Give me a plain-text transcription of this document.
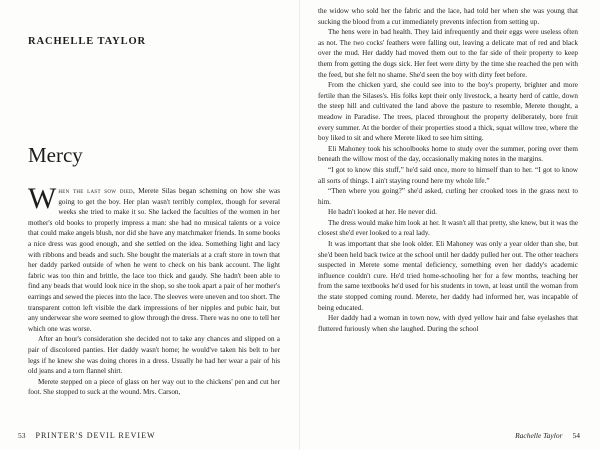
RACHELLE TAYLOR
Mercy

When the last sow died, Merete Silas began scheming on how she was going to get the boy. Her plan wasn't terribly complex, though for several weeks she tried to make it so. She lacked the faculties of the women in her mother's old books to properly impress a man: she had no musical talents or a voice that could make angels blush, nor did she have any matchmaker friends. In some books a nice dress was good enough, and she settled on the idea. Something light and lacy with ribbons and beads and such. She bought the materials at a craft store in town that her daddy parked outside of when he went to check on his bank account. The light fabric was too thin and brittle, the lace too thick and gaudy. She hadn't been able to find any beads that would look nice in the shop, so she took apart a pair of her mother's earrings and sewed the pieces into the lace. The sleeves were uneven and too short. The transparent cotton left visible the dark impressions of her nipples and pubic hair, but any underwear she wore seemed to glow through the dress. There was no one to tell her which one was worse.

After an hour's consideration she decided not to take any chances and slipped on a pair of discolored panties. Her daddy wasn't home; he would've taken his belt to her legs if he knew she was doing chores in a dress. Usually he had her wear a pair of his old jeans and a torn flannel shirt.

Merete stepped on a piece of glass on her way out to the chickens' pen and cut her foot. She stopped to suck at the wound. Mrs. Carson,

53 PRINTER'S DEVIL REVIEW

the widow who sold her the fabric and the lace, had told her when she was young that sucking the blood from a cut immediately prevents infection from setting up.

The hens were in bad health. They laid infrequently and their eggs were useless often as not. The two cocks' feathers were falling out, leaving a delicate mat of red and black over the mud. Her daddy had moved them out to the far side of their property to keep them from getting the dogs sick. Her feet were dirty by the time she reached the pen with the feed, but she felt no shame. She'd seen the boy with dirty feet before.

From the chicken yard, she could see into to the boy's property, brighter and more fertile than the Silases's. His folks kept their only livestock, a hearty herd of cattle, down the steep hill and cultivated the land above the pasture to resemble, Merete thought, a meadow in Paradise. The trees, placed throughout the property deliberately, bore fruit every summer. At the border of their properties stood a thick, squat willow tree, where the boy liked to sit and where Merete liked to see him sitting.

Eli Mahoney took his schoolbooks home to study over the summer, poring over them beneath the willow most of the day, occasionally making notes in the margins.

“I got to know this stuff,” he'd said once, more to himself than to her. “I got to know all sorts of things. I ain't staying round here my whole life.”

“Then where you going?” she'd asked, curling her crooked toes in the grass next to him.

He hadn't looked at her. He never did.

The dress would make him look at her. It wasn't all that pretty, she knew, but it was the closest she'd ever looked to a real lady.

It was important that she look older. Eli Mahoney was only a year older than she, but she'd been held back twice at the school until her daddy pulled her out. The other teachers suspected in Merete some mental deficiency, something even her daddy's academic influence couldn't cure. He'd tried home-schooling her for a few months, teaching her from the same textbooks he'd used for his students in town, at least until the woman from the state stopped coming round. Merete, her daddy had informed her, was incapable of being educated.

Her daddy had a woman in town now, with dyed yellow hair and false eyelashes that fluttered furiously when she laughed. During the school

Rachelle Taylor 54
